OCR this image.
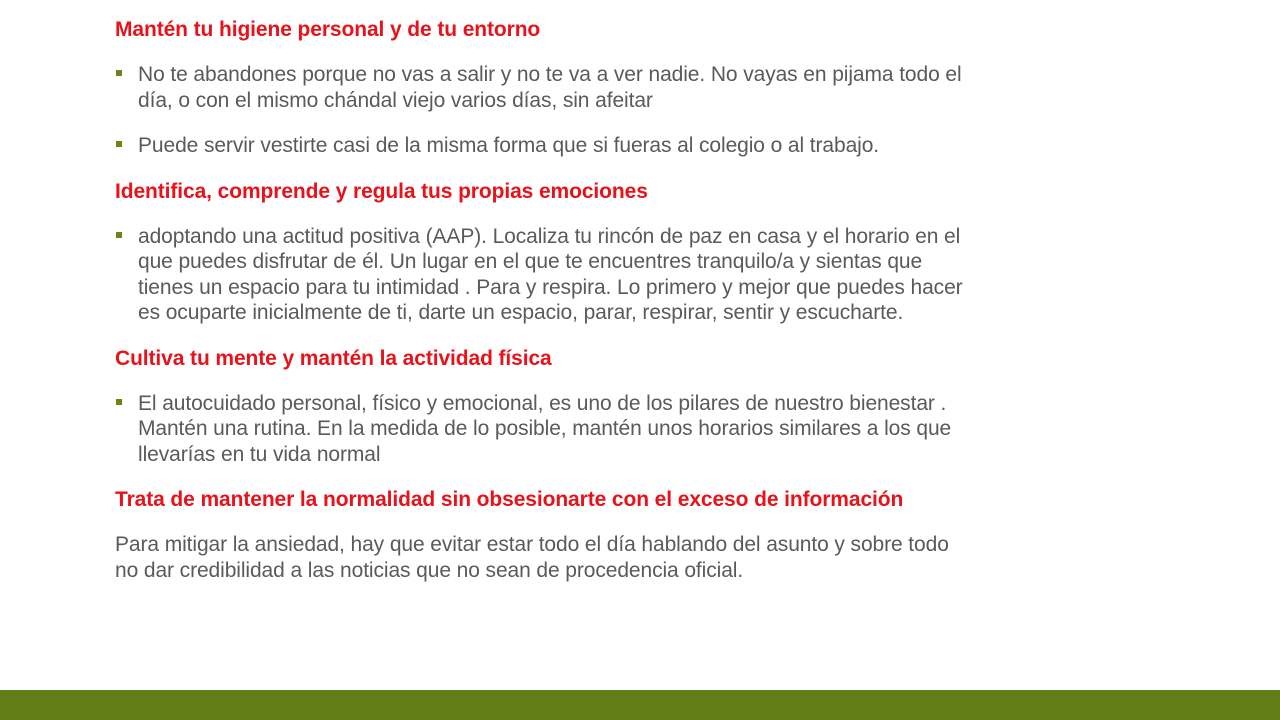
Mantén tu higiene personal y de tu entorno
No te abandones porque no vas a salir y no te va a ver nadie. No vayas en pijama todo el
día, o con el mismo chándal viejo varios días, sin afeitar
Puede servir vestirte casi de la misma forma que si fueras al colegio o al trabajo.
Identifica, comprende y regula tus propias emociones
adoptando una actitud positiva (AAP). Localiza tu rincón de paz en casa y el horario en el
que puedes disfrutar de él. Un lugar en el que te encuentres tranquilo/a y sientas que
tienes un espacio para tu intimidad . Para y respira. Lo primero y mejor que puedes hacer
es ocuparte inicialmente de ti, darte un espacio, parar, respirar, sentir y escucharte.
Cultiva tu mente y mantén la actividad física
El autocuidado personal, físico y emocional, es uno de los pilares de nuestro bienestar .
Mantén una rutina. En la medida de lo posible, mantén unos horarios similares a los que
llevarías en tu vida normal
Trata de mantener la normalidad sin obsesionarte con el exceso de información
Para mitigar la ansiedad, hay que evitar estar todo el día hablando del asunto y sobre todo
no dar credibilidad a las noticias que no sean de procedencia oficial.
